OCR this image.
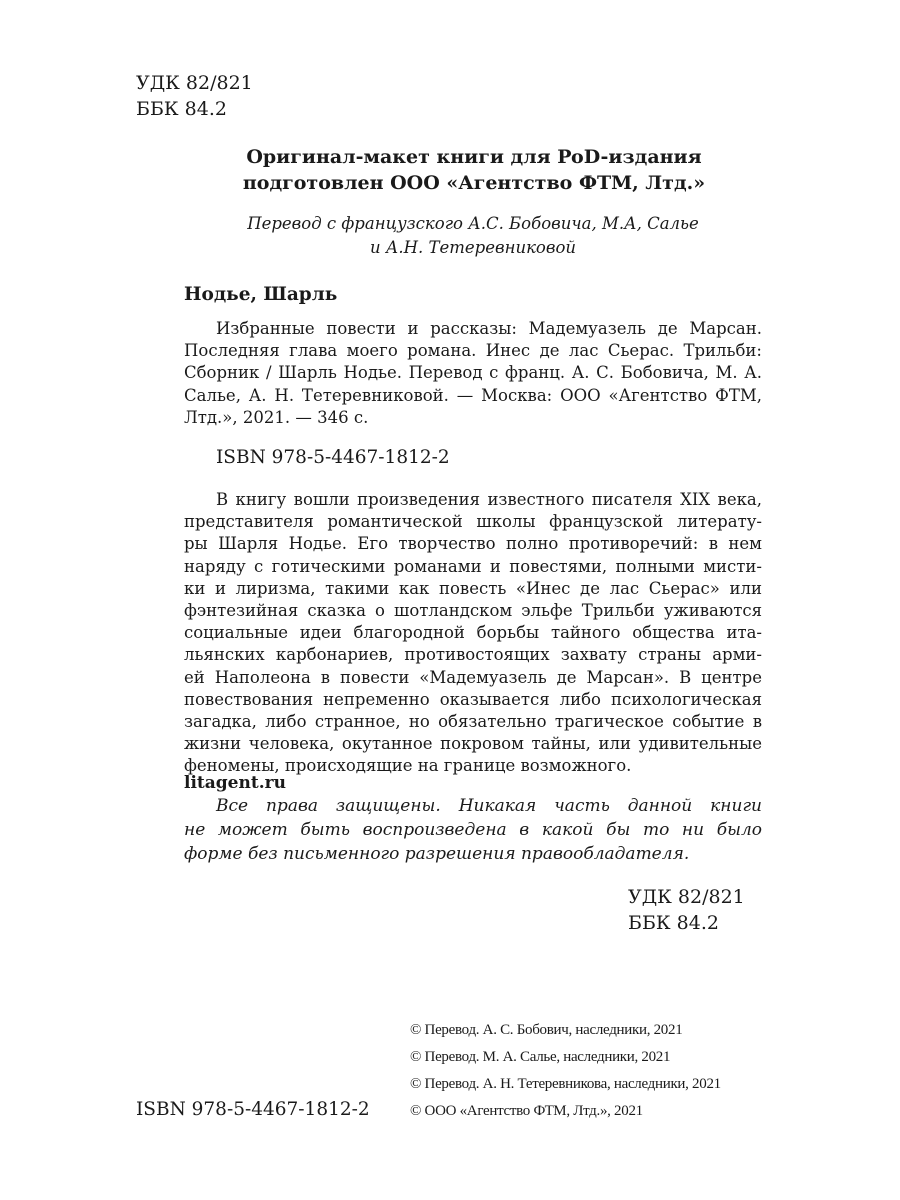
УДК 82/821
ББК 84.2
Оригинал-макет книги для PoD-издания
подготовлен ООО «Агентство ФТМ, Лтд.»
Перевод с французского А.С. Бобовича, М.А, Салье
и А.Н. Тетеревниковой
Нодье, Шарль
Избранные повести и рассказы: Мадемуазель де Марсан.
Последняя глава моего романа. Инес де лас Сьерас. Трильби:
Сборник / Шарль Нодье. Перевод с франц. А. С. Бобовича, М. А.
Салье, А. Н. Тетеревниковой. — Москва: ООО «Агентство ФТМ,
Лтд.», 2021. — 346 с.
ISBN 978-5-4467-1812-2
В книгу вошли произведения известного писателя XIX века,
представителя романтической школы французской литерату-
ры Шарля Нодье. Его творчество полно противоречий: в нем
наряду с готическими романами и повестями, полными мисти-
ки и лиризма, такими как повесть «Инес де лас Сьерас» или
фэнтезийная сказка о шотландском эльфе Трильби уживаются
социальные идеи благородной борьбы тайного общества ита-
льянских карбонариев, противостоящих захвату страны арми-
ей Наполеона в повести «Мадемуазель де Марсан». В центре
повествования непременно оказывается либо психологическая
загадка, либо странное, но обязательно трагическое событие в
жизни человека, окутанное покровом тайны, или удивительные
феномены, происходящие на границе возможного.
litagent.ru
Все права защищены. Никакая часть данной книги
не может быть воспроизведена в какой бы то ни было
форме без письменного разрешения правообладателя.
УДК 82/821
ББК 84.2
© Перевод. А. С. Бобович, наследники, 2021
© Перевод. М. А. Салье, наследники, 2021
© Перевод. А. Н. Тетеревникова, наследники, 2021
© ООО «Агентство ФТМ, Лтд.», 2021
ISBN 978-5-4467-1812-2
